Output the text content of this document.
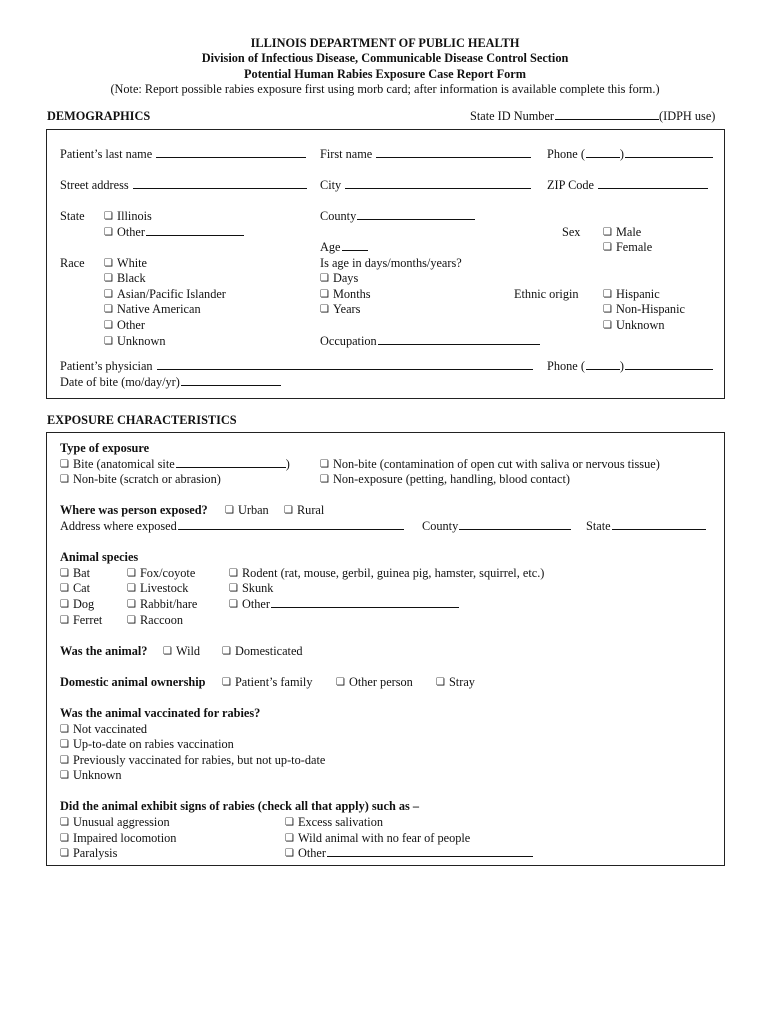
ILLINOIS DEPARTMENT OF PUBLIC HEALTH
Division of Infectious Disease, Communicable Disease Control Section
Potential Human Rabies Exposure Case Report Form
(Note: Report possible rabies exposure first using morb card; after information is available complete this form.)
DEMOGRAPHICS	State ID Number	(IDPH use)
Patient’s last name	First name	Phone (	)
Street address	City	ZIP Code
State	❏ Illinois
❏ Other
County
Sex	❏ Male
❏ Female
Age
Is age in days/months/years?
❏ Days
❏ Months
❏ Years
Race	❏ White
❏ Black
❏ Asian/Pacific Islander
❏ Native American
❏ Other
❏ Unknown
Ethnic origin	❏ Hispanic
❏ Non-Hispanic
❏ Unknown
Occupation
Patient’s physician	Phone (	)
Date of bite (mo/day/yr)
EXPOSURE CHARACTERISTICS
Type of exposure
❏ Bite (anatomical site	)
❏ Non-bite (scratch or abrasion)
❏ Non-bite (contamination of open cut with saliva or nervous tissue)
❏ Non-exposure (petting, handling, blood contact)
Where was person exposed?	❏ Urban	❏ Rural
Address where exposed	County	State
Animal species
❏ Bat
❏ Cat
❏ Dog
❏ Ferret
❏ Fox/coyote
❏ Livestock
❏ Rabbit/hare
❏ Raccoon
❏ Rodent (rat, mouse, gerbil, guinea pig, hamster, squirrel, etc.)
❏ Skunk
❏ Other
Was the animal?	❏ Wild	❏ Domesticated
Domestic animal ownership	❏ Patient’s family	❏ Other person	❏ Stray
Was the animal vaccinated for rabies?
❏ Not vaccinated
❏ Up-to-date on rabies vaccination
❏ Previously vaccinated for rabies, but not up-to-date
❏ Unknown
Did the animal exhibit signs of rabies (check all that apply) such as –
❏ Unusual aggression
❏ Impaired locomotion
❏ Paralysis
❏ Excess salivation
❏ Wild animal with no fear of people
❏ Other
